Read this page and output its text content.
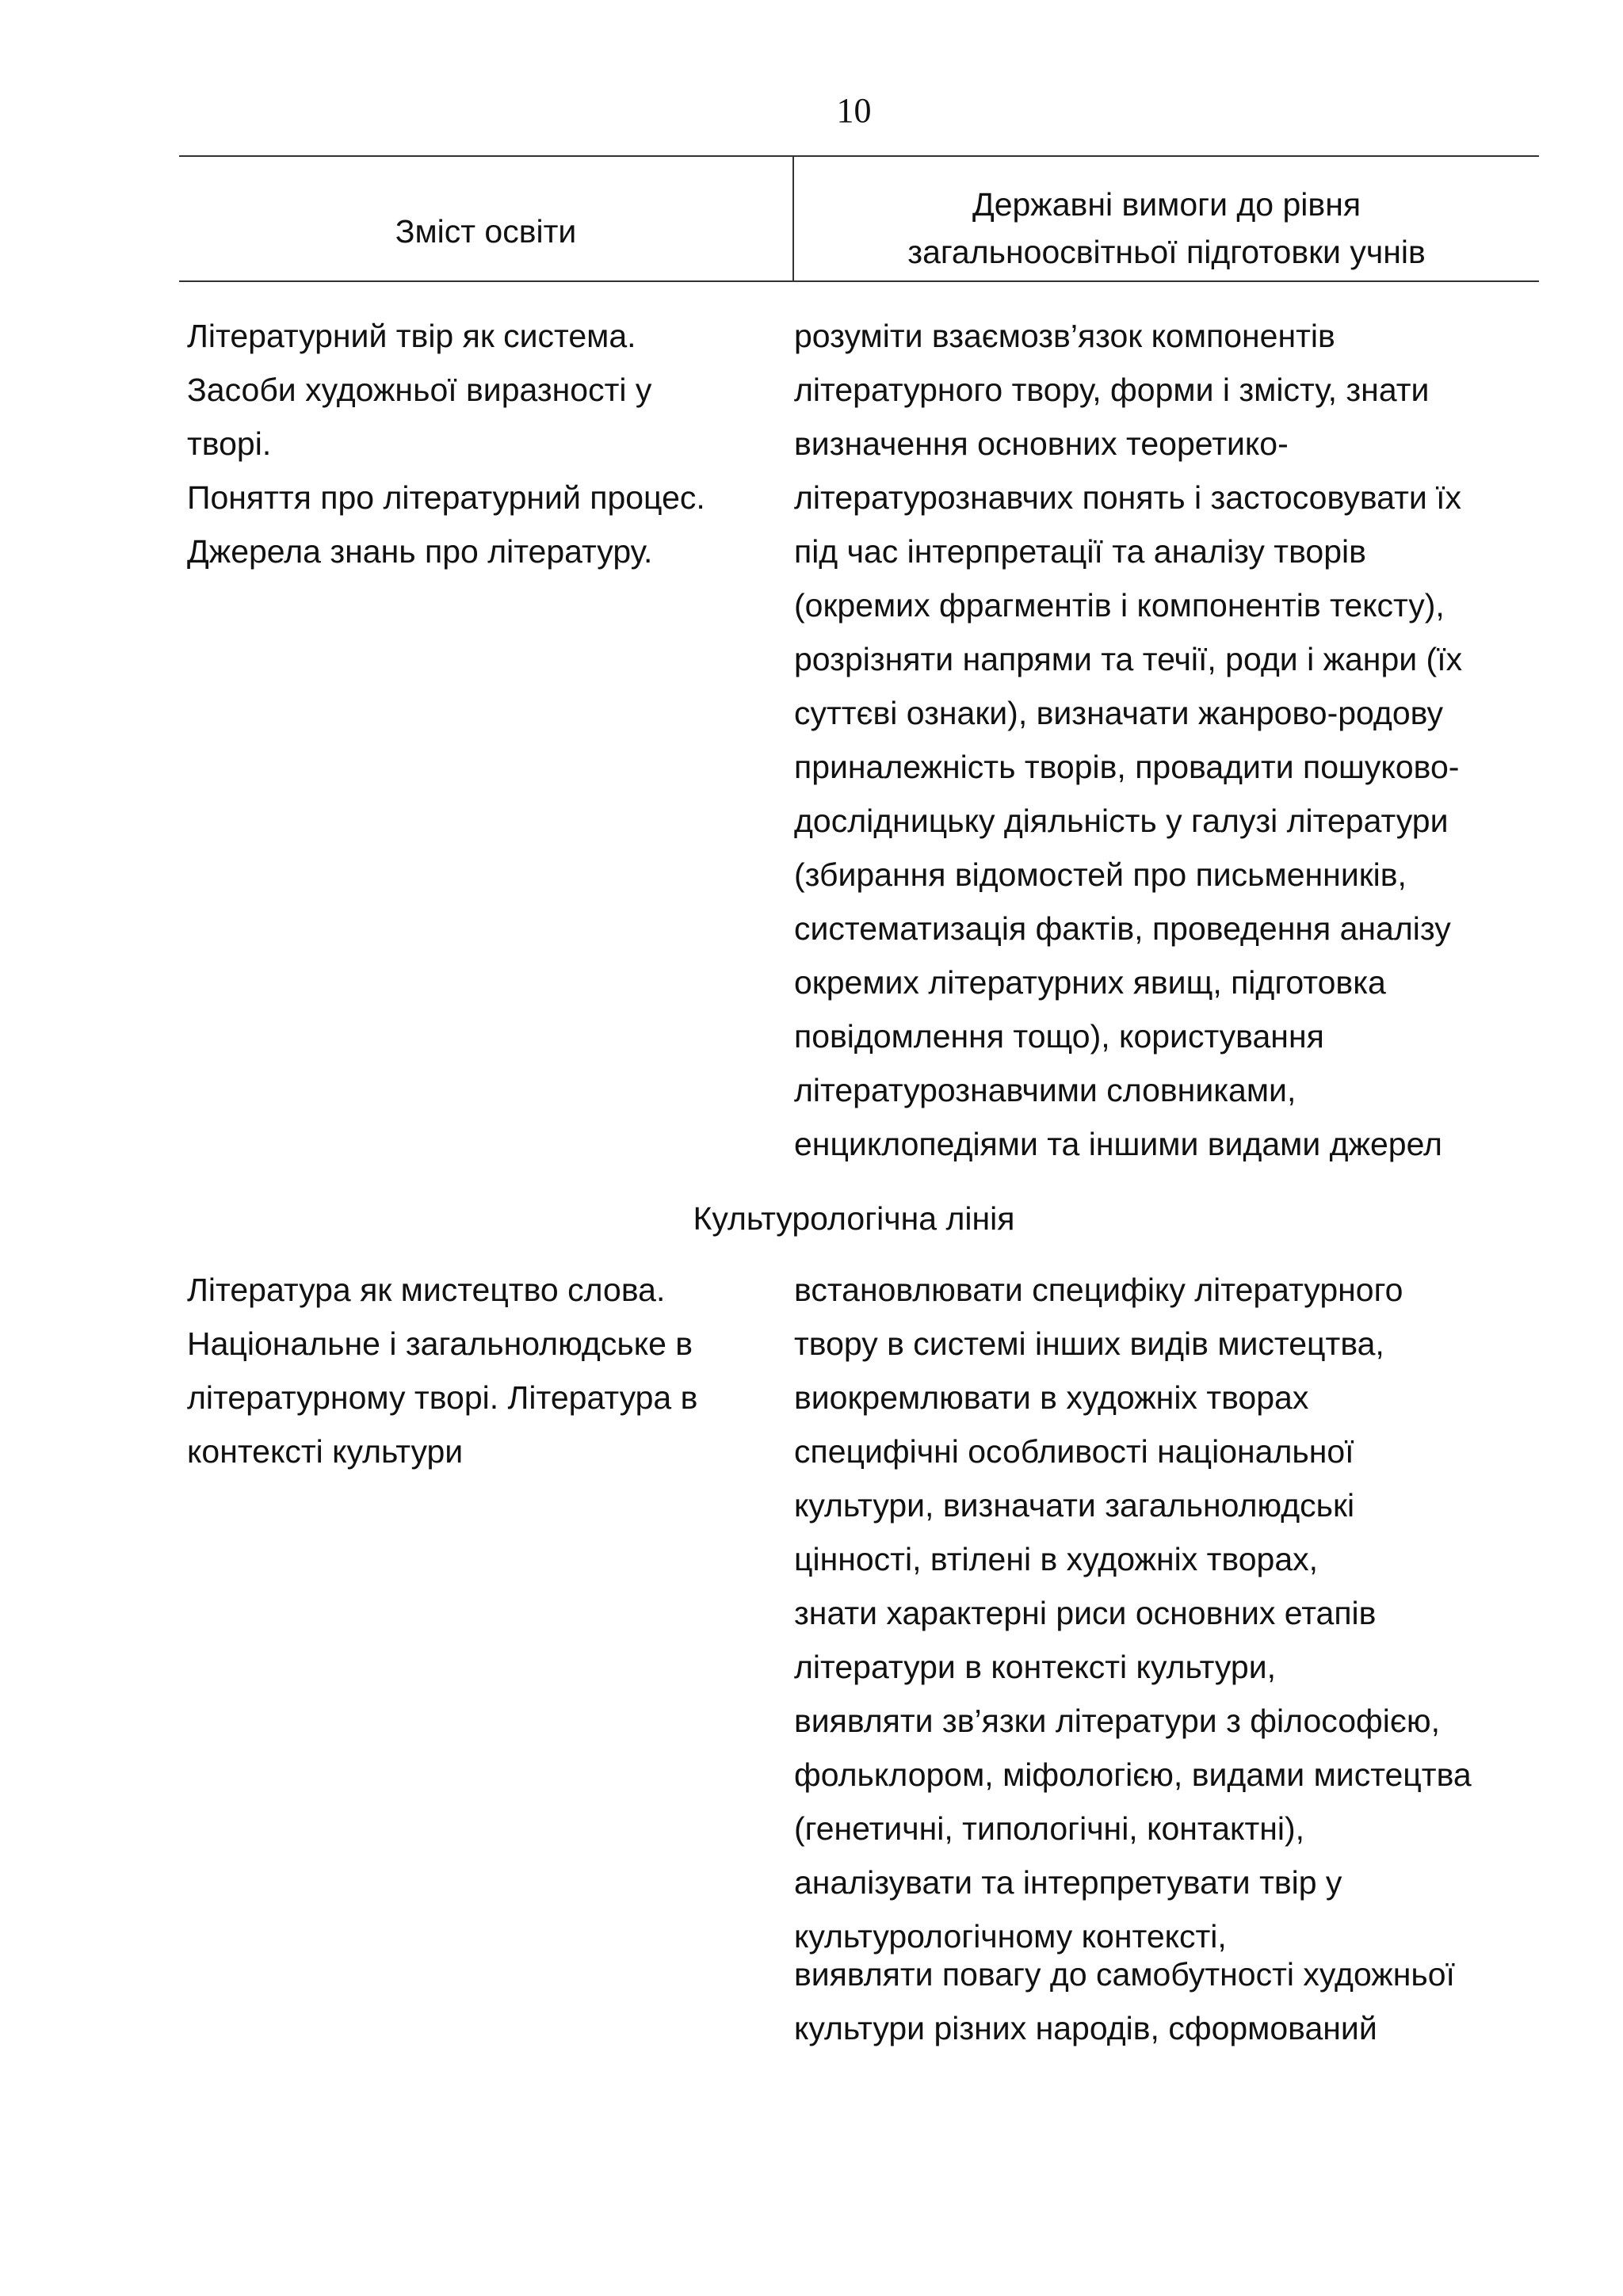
10
Зміст освіти
Державні вимоги до рівня
загальноосвітньої підготовки учнів
Літературний твір як система.
Засоби художньої виразності у
творі.
Поняття про літературний процес.
Джерела знань про літературу.
розуміти взаємозв’язок компонентів
літературного твору, форми і змісту, знати
визначення основних теоретико-
літературознавчих понять і застосовувати їх
під час інтерпретації та аналізу творів
(окремих фрагментів і компонентів тексту),
розрізняти напрями та течії, роди і жанри (їх
суттєві ознаки), визначати жанрово-родову
приналежність творів, провадити пошуково-
дослідницьку діяльність у галузі літератури
(збирання відомостей про письменників,
систематизація фактів, проведення аналізу
окремих літературних явищ, підготовка
повідомлення тощо), користування
літературознавчими словниками,
енциклопедіями та іншими видами джерел
Культурологічна лінія
Література як мистецтво слова.
Національне і загальнолюдське в
літературному творі. Література в
контексті культури
встановлювати специфіку літературного
твору в системі інших видів мистецтва,
виокремлювати в художніх творах
специфічні особливості національної
культури, визначати загальнолюдські
цінності, втілені в художніх творах,
знати характерні риси основних етапів
літератури в контексті культури,
виявляти зв’язки літератури з філософією,
фольклором, міфологією, видами мистецтва
(генетичні, типологічні, контактні),
аналізувати та інтерпретувати твір у
культурологічному контексті,
виявляти повагу до самобутності художньої
культури різних народів, сформований
